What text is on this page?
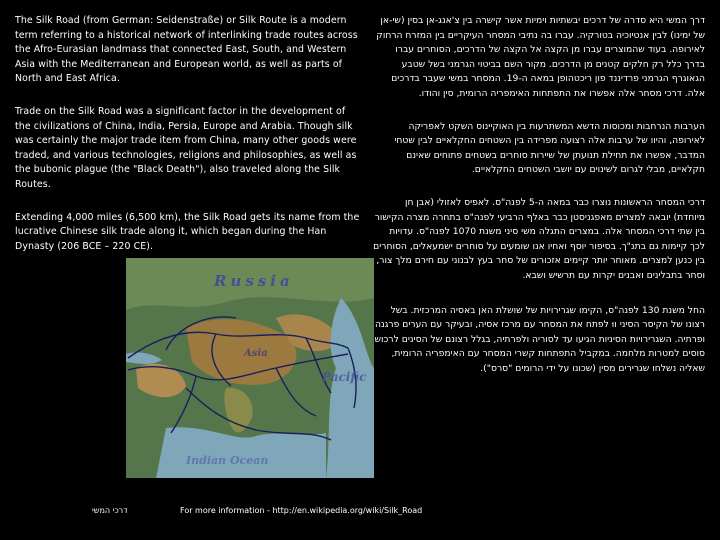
The Silk Road (from German: Seidenstraße) or Silk Route is a modern term referring to a historical network of interlinking trade routes across the Afro-Eurasian landmass that connected East, South, and Western Asia with the Mediterranean and European world, as well as parts of North and East Africa.

Trade on the Silk Road was a significant factor in the development of the civilizations of China, India, Persia, Europe and Arabia. Though silk was certainly the major trade item from China, many other goods were traded, and various technologies, religions and philosophies, as well as the bubonic plague (the "Black Death"), also traveled along the Silk Routes.

Extending 4,000 miles (6,500 km), the Silk Road gets its name from the lucrative Chinese silk trade along it, which began during the Han Dynasty (206 BCE – 220 CE).

Russia
Pacific
Indian Ocean
Asia

דרך המשי היא סדרה של דרכים יבשתיות וימיות אשר קישרה בין צ'אנג-אן בסין (שי-אן של ימינו) לבין אנטיוכיה בטורקיה. עברו בה נתיבי המסחר העיקריים בין המזרח הרחוק לאירופה. בעוד שהמוצרים עברו מן הקצה אל הקצה של הדרכים, הסוחרים עברו בדרך כלל רק חלקים קטנים מן הדרכים. מקור השם בביטוי הגרמני בשל שטבע הגאוגרף הגרמני פרדיננד פון ריכטהופן במאה ה-19. המסחר במשי שעבר בדרכים אלה. דרכי מסחר אלה אפשרו את התפתחות האימפריה הרומית, סין והודו.

הערבות הנרחבות ומכוסות הדשא המשתרעות בין האוקיינוס השקט לאפריקה לאירופה, והיוו של ערבות אלה רצועה מפרידה בין השטחים החקלאיים לבין שטחי המדבר, אפשרו את תחילת תנועתן של שיירות סוחרים בשטחים פתוחים שאינם חקלאיים, מבלי לגרום לשינוים עם יושבי השטחים החקלאיים.

דרכי המסחר הראשונות נוצרו כבר במאה ה-5 לפנה"ס. לאפיס לאזולי (אבן חן מיוחדת) יובאה למצרים מאפגניסטן כבר באלף הרביעי לפנה"ס בתחרה מצרה הקישור בין שתי דרכי המסחר אלה. במצרים התגלה משי סיני משנת 1070 לפנה"ס. עדויות לכך קיימות גם בתנ"ך. בסיפור יוסף ואחיו אנו שומעים על סוחרים ישמעאלים, הסוחרים בין כנען למצרים. מאוחר יותר קיימים אזכורים של סחר בעץ לבנוני עם חירם מלך צור, וסחר בתבלינים ואבנים יקרות עם תרשיש ושבא.

החל משנת 130 לפנה"ס, הקימו שגרירויות של שושלת האן באסיה המרכזית. בשל רצונו של הקיסר הסיני ווּ לפתח את המסחר עם מרכז אסיה, ובעיקר עם הערים פרגנה ופרתיה. השגרירויות הסיניות הגיעו עד לסוריה ולפרתיה, בגלל רצונם של הסינים לרכוש סוסים למטרות מלחמה. במקביל התפתחות קשרי המסחר עם האימפריה הרומית, שאליה נשלחו שגרירים מסין (שכונו על ידי הרומים "סרס").

דרכי המשי	For more information - http://en.wikipedia.org/wiki/Silk_Road
